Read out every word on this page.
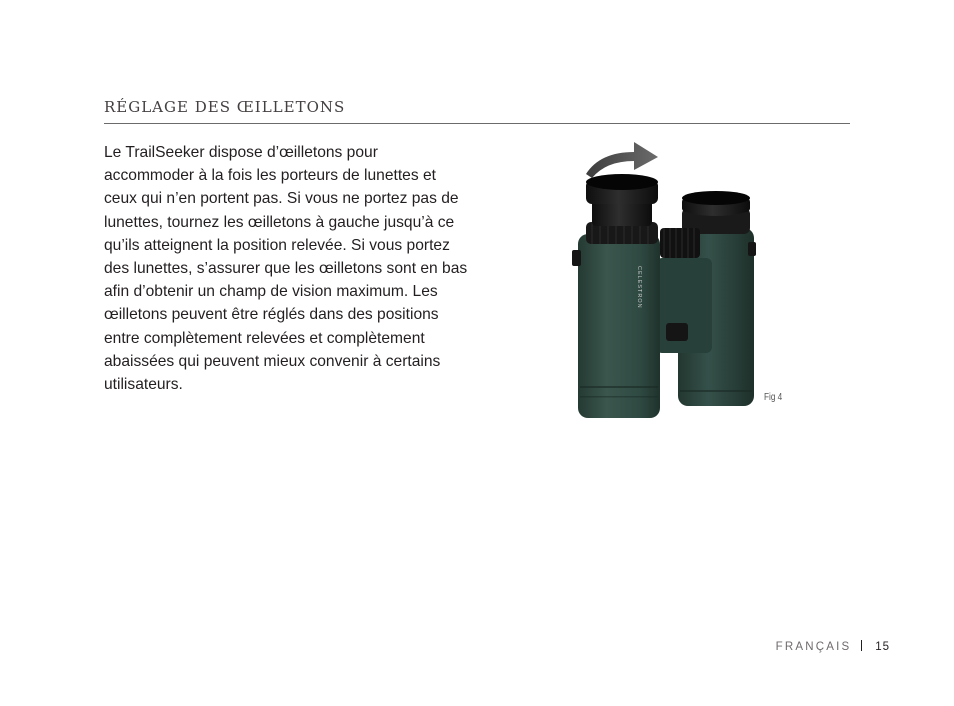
RÉGLAGE DES ŒILLETONS

Le TrailSeeker dispose d’œilletons pour accommoder à la fois les porteurs de lunettes et ceux qui n’en portent pas. Si vous ne portez pas de lunettes, tournez les œilletons à gauche jusqu’à ce qu’ils atteignent la position relevée. Si vous portez des lunettes, s’assurer que les œilletons sont en bas afin d’obtenir un champ de vision maximum. Les œilletons peuvent être réglés dans des positions entre complètement relevées et complètement abaissées qui peuvent mieux convenir à certains utilisateurs.

CELESTRON
Fig 4
FRANÇAIS 15
